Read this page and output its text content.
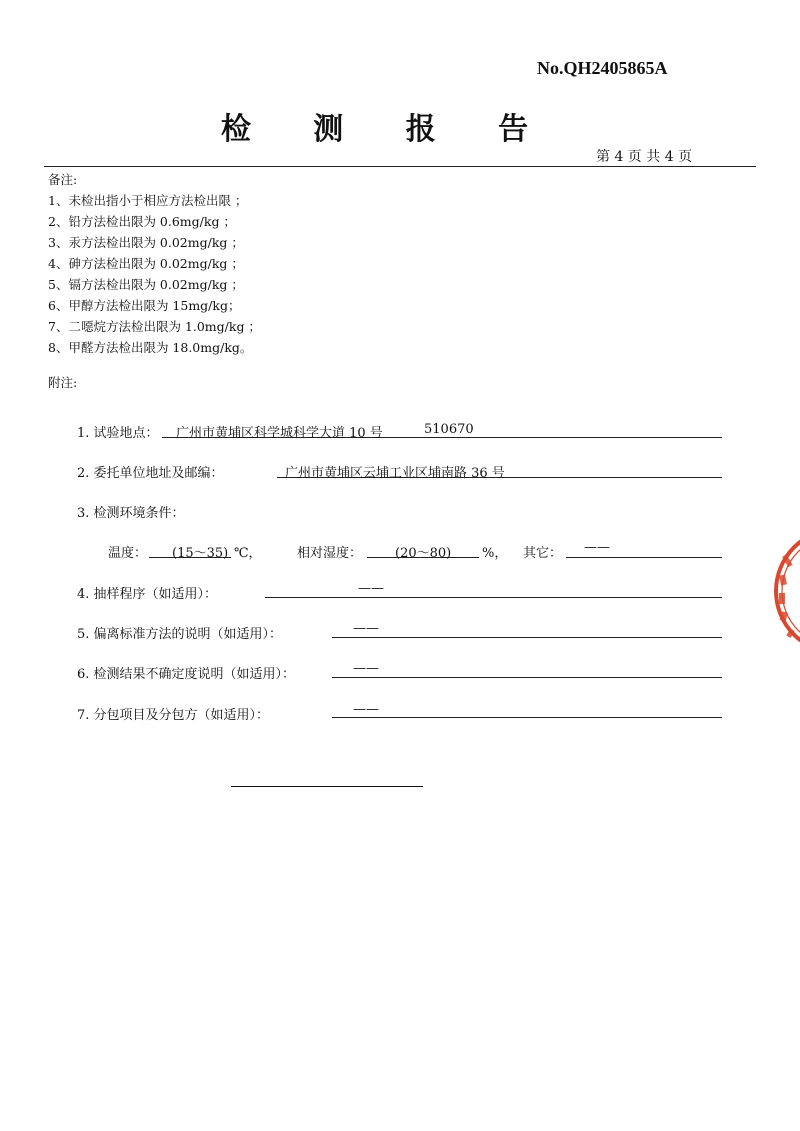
No.QH2405865A
检 测 报 告
第 4 页 共 4 页
备注:
1、未检出指小于相应方法检出限 ；
2、铅方法检出限为 0.6mg/kg ；
3、汞方法检出限为 0.02mg/kg ；
4、砷方法检出限为 0.02mg/kg ；
5、镉方法检出限为 0.02mg/kg ；
6、甲醇方法检出限为 15mg/kg；
7、二噁烷方法检出限为 1.0mg/kg ；
8、甲醛方法检出限为 18.0mg/kg。
附注:
1. 试验地点： 广州市黄埔区科学城科学大道 10 号	510670
2. 委托单位地址及邮编：	广州市黄埔区云埔工业区埔南路 36 号
3. 检测环境条件：
温度： (15～35) ℃，	相对湿度：	(20～80) %， 其它： ——
4. 抽样程序（如适用）：	——
5. 偏离标准方法的说明（如适用）：	——
6. 检测结果不确定度说明（如适用）：	——
7. 分包项目及分包方（如适用）：	——
